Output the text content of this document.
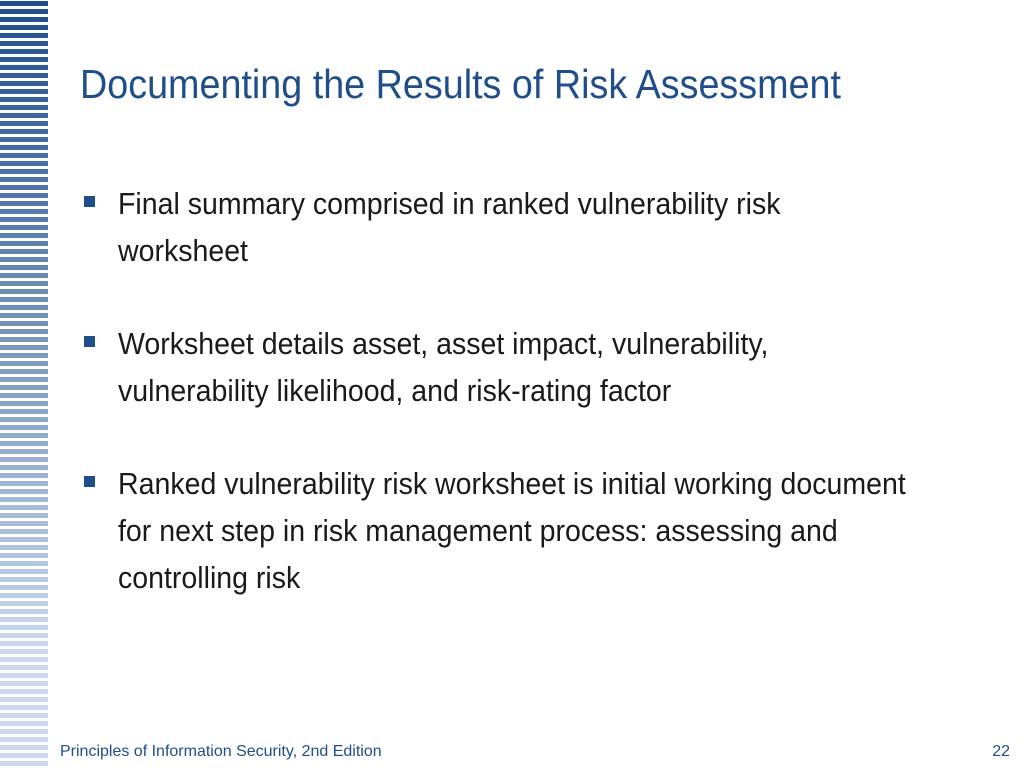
Documenting the Results of Risk Assessment
Final summary comprised in ranked vulnerability risk worksheet
Worksheet details asset, asset impact, vulnerability, vulnerability likelihood, and risk-rating factor
Ranked vulnerability risk worksheet is initial working document for next step in risk management process: assessing and controlling risk
Principles of Information Security, 2nd Edition	22
